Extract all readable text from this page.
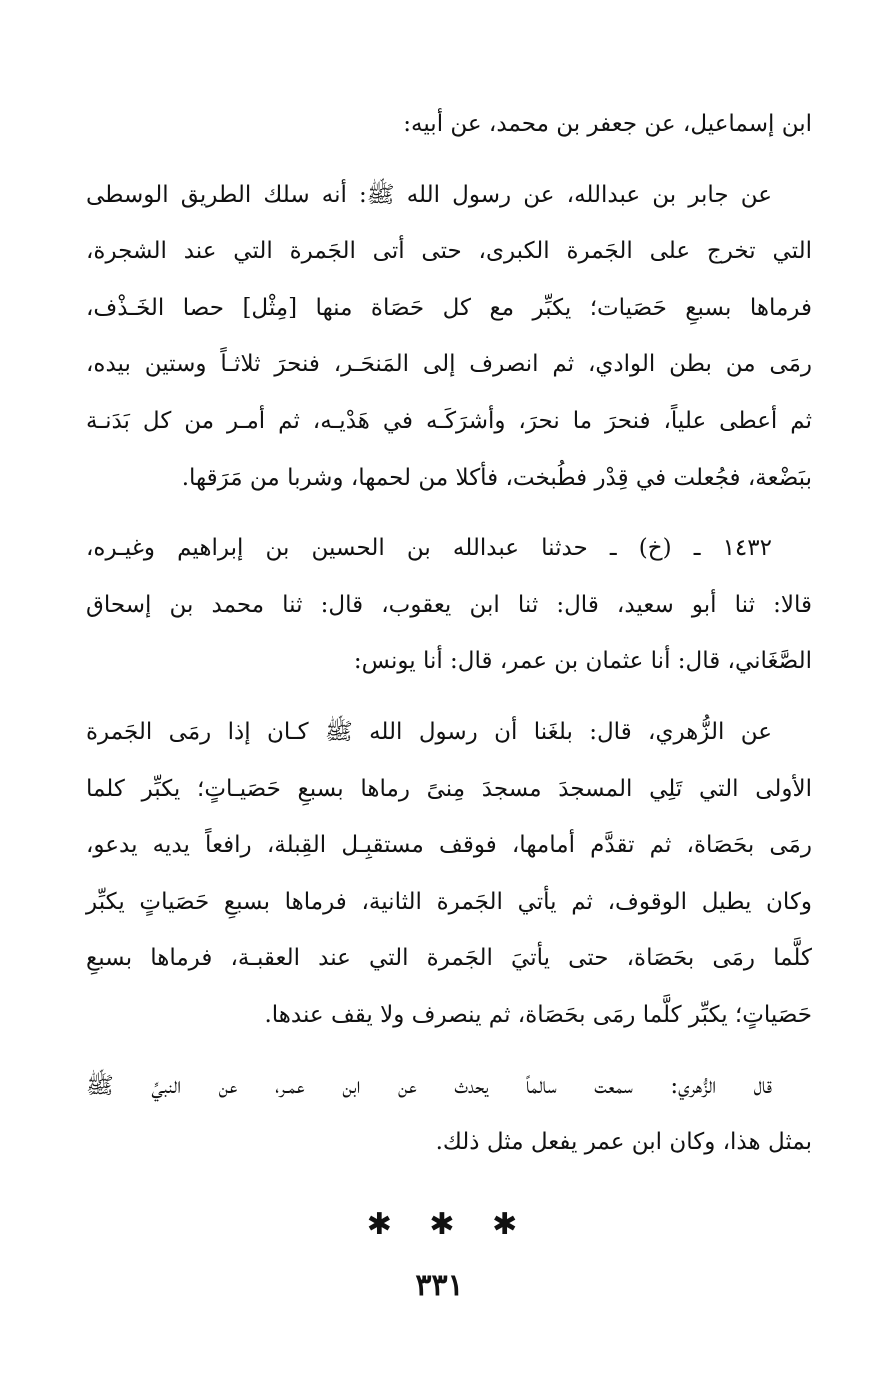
ابن إسماعيل، عن جعفر بن محمد، عن أبيه:

عن جابر بن عبدالله، عن رسول الله ﷺ: أنه سلك الطريق الوسطى
التي تخرج على الجَمرة الكبرى، حتى أتى الجَمرة التي عند الشجرة،
فرماها بسبعِ حَصَيات؛ يكبِّر مع كل حَصَاة منها [مِثْل] حصا الخَـذْف،
رمَى من بطن الوادي، ثم انصرف إلى المَنحَـر، فنحرَ ثلاثـاً وستين بيده،
ثم أعطى علياً، فنحرَ ما نحرَ، وأشرَكَـه في هَدْيـه، ثم أمـر من كل بَدَنـة
ببَضْعة، فجُعلت في قِدْر فطُبخت، فأكلا من لحمها، وشربا من مَرَقها.

١٤٣٢ ـ (خ) ـ حدثنا عبدالله بن الحسين بن إبراهيم وغيـره،
قالا: ثنا أبو سعيد، قال: ثنا ابن يعقوب، قال: ثنا محمد بن إسحاق
الصَّغَاني، قال: أنا عثمان بن عمر، قال: أنا يونس:

عن الزُّهري، قال: بلغَنا أن رسول الله ﷺ كـان إذا رمَى الجَمرة
الأولى التي تَلِي المسجدَ مسجدَ مِنىً رماها بسبعِ حَصَيـاتٍ؛ يكبِّر كلما
رمَى بحَصَاة، ثم تقدَّم أمامها، فوقف مستقبِـل القِبلة، رافعاً يديه يدعو،
وكان يطيل الوقوف، ثم يأتي الجَمرة الثانية، فرماها بسبعِ حَصَياتٍ يكبِّر
كلَّما رمَى بحَصَاة، حتى يأتيَ الجَمرة التي عند العقبـة، فرماها بسبعِ
حَصَياتٍ؛ يكبِّر كلَّما رمَى بحَصَاة، ثم ينصرف ولا يقف عندها.

قال الزُّهري: سمعت سالماً يحدث عن ابن عمـر، عن النبيِّ ﷺ
بمثل هذا، وكان ابن عمر يفعل مثل ذلك.

✱ ✱ ✱
٣٣١
